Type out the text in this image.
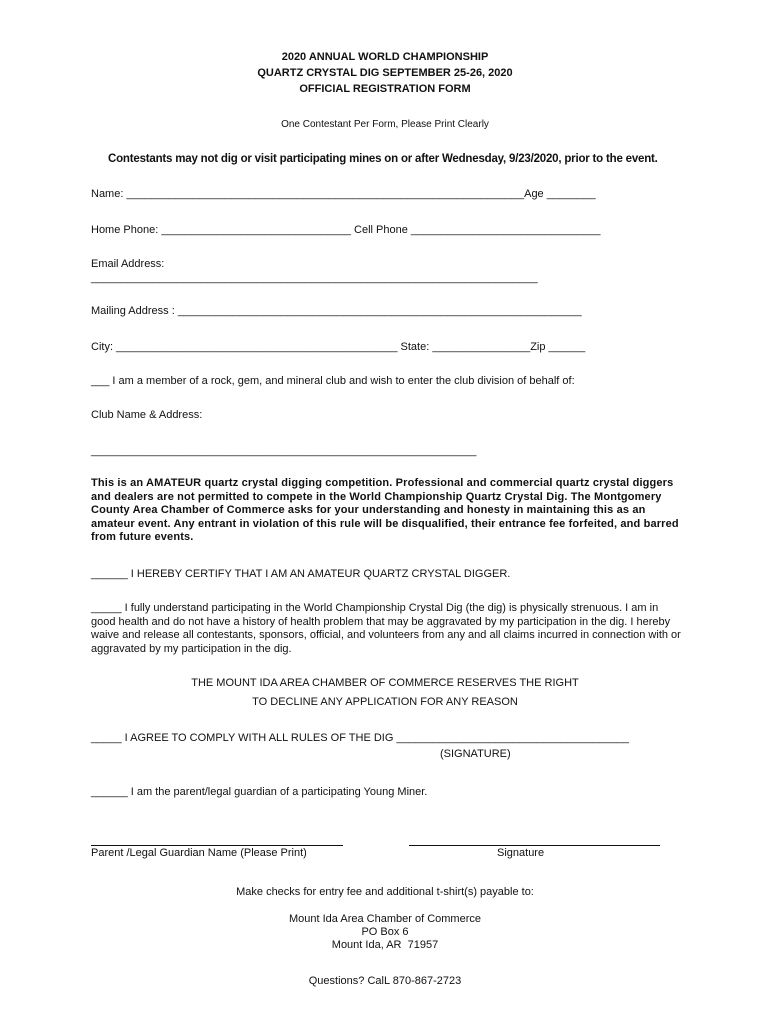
2020 ANNUAL WORLD CHAMPIONSHIP
QUARTZ CRYSTAL DIG SEPTEMBER 25-26, 2020
OFFICIAL REGISTRATION FORM
One Contestant Per Form, Please Print Clearly
Contestants may not dig or visit participating mines on or after Wednesday, 9/23/2020, prior to the event.
Name: _________________________________________________________________Age ________
Home Phone: _______________________________ Cell Phone _______________________________
Email Address:
_________________________________________________________________________
Mailing Address : __________________________________________________________________
City: ______________________________________________ State: ________________Zip ______
___ I am a member of a rock, gem, and mineral club and wish to enter the club division of behalf of:
Club Name & Address:
_______________________________________________________________
This is an AMATEUR quartz crystal digging competition. Professional and commercial quartz crystal diggers and dealers are not permitted to compete in the World Championship Quartz Crystal Dig. The Montgomery County Area Chamber of Commerce asks for your understanding and honesty in maintaining this as an amateur event. Any entrant in violation of this rule will be disqualified, their entrance fee forfeited, and barred from future events.
______ I HEREBY CERTIFY THAT I AM AN AMATEUR QUARTZ CRYSTAL DIGGER.
_____ I fully understand participating in the World Championship Crystal Dig (the dig) is physically strenuous. I am in good health and do not have a history of health problem that may be aggravated by my participation in the dig. I hereby waive and release all contestants, sponsors, official, and volunteers from any and all claims incurred in connection with or aggravated by my participation in the dig.
THE MOUNT IDA AREA CHAMBER OF COMMERCE RESERVES THE RIGHT
TO DECLINE ANY APPLICATION FOR ANY REASON
_____ I AGREE TO COMPLY WITH ALL RULES OF THE DIG ______________________________________
(SIGNATURE)
______ I am the parent/legal guardian of a participating Young Miner.
Parent /Legal Guardian Name (Please Print)	Signature
Make checks for entry fee and additional t-shirt(s) payable to:
Mount Ida Area Chamber of Commerce
PO Box 6
Mount Ida, AR  71957
Questions? CalL 870-867-2723
